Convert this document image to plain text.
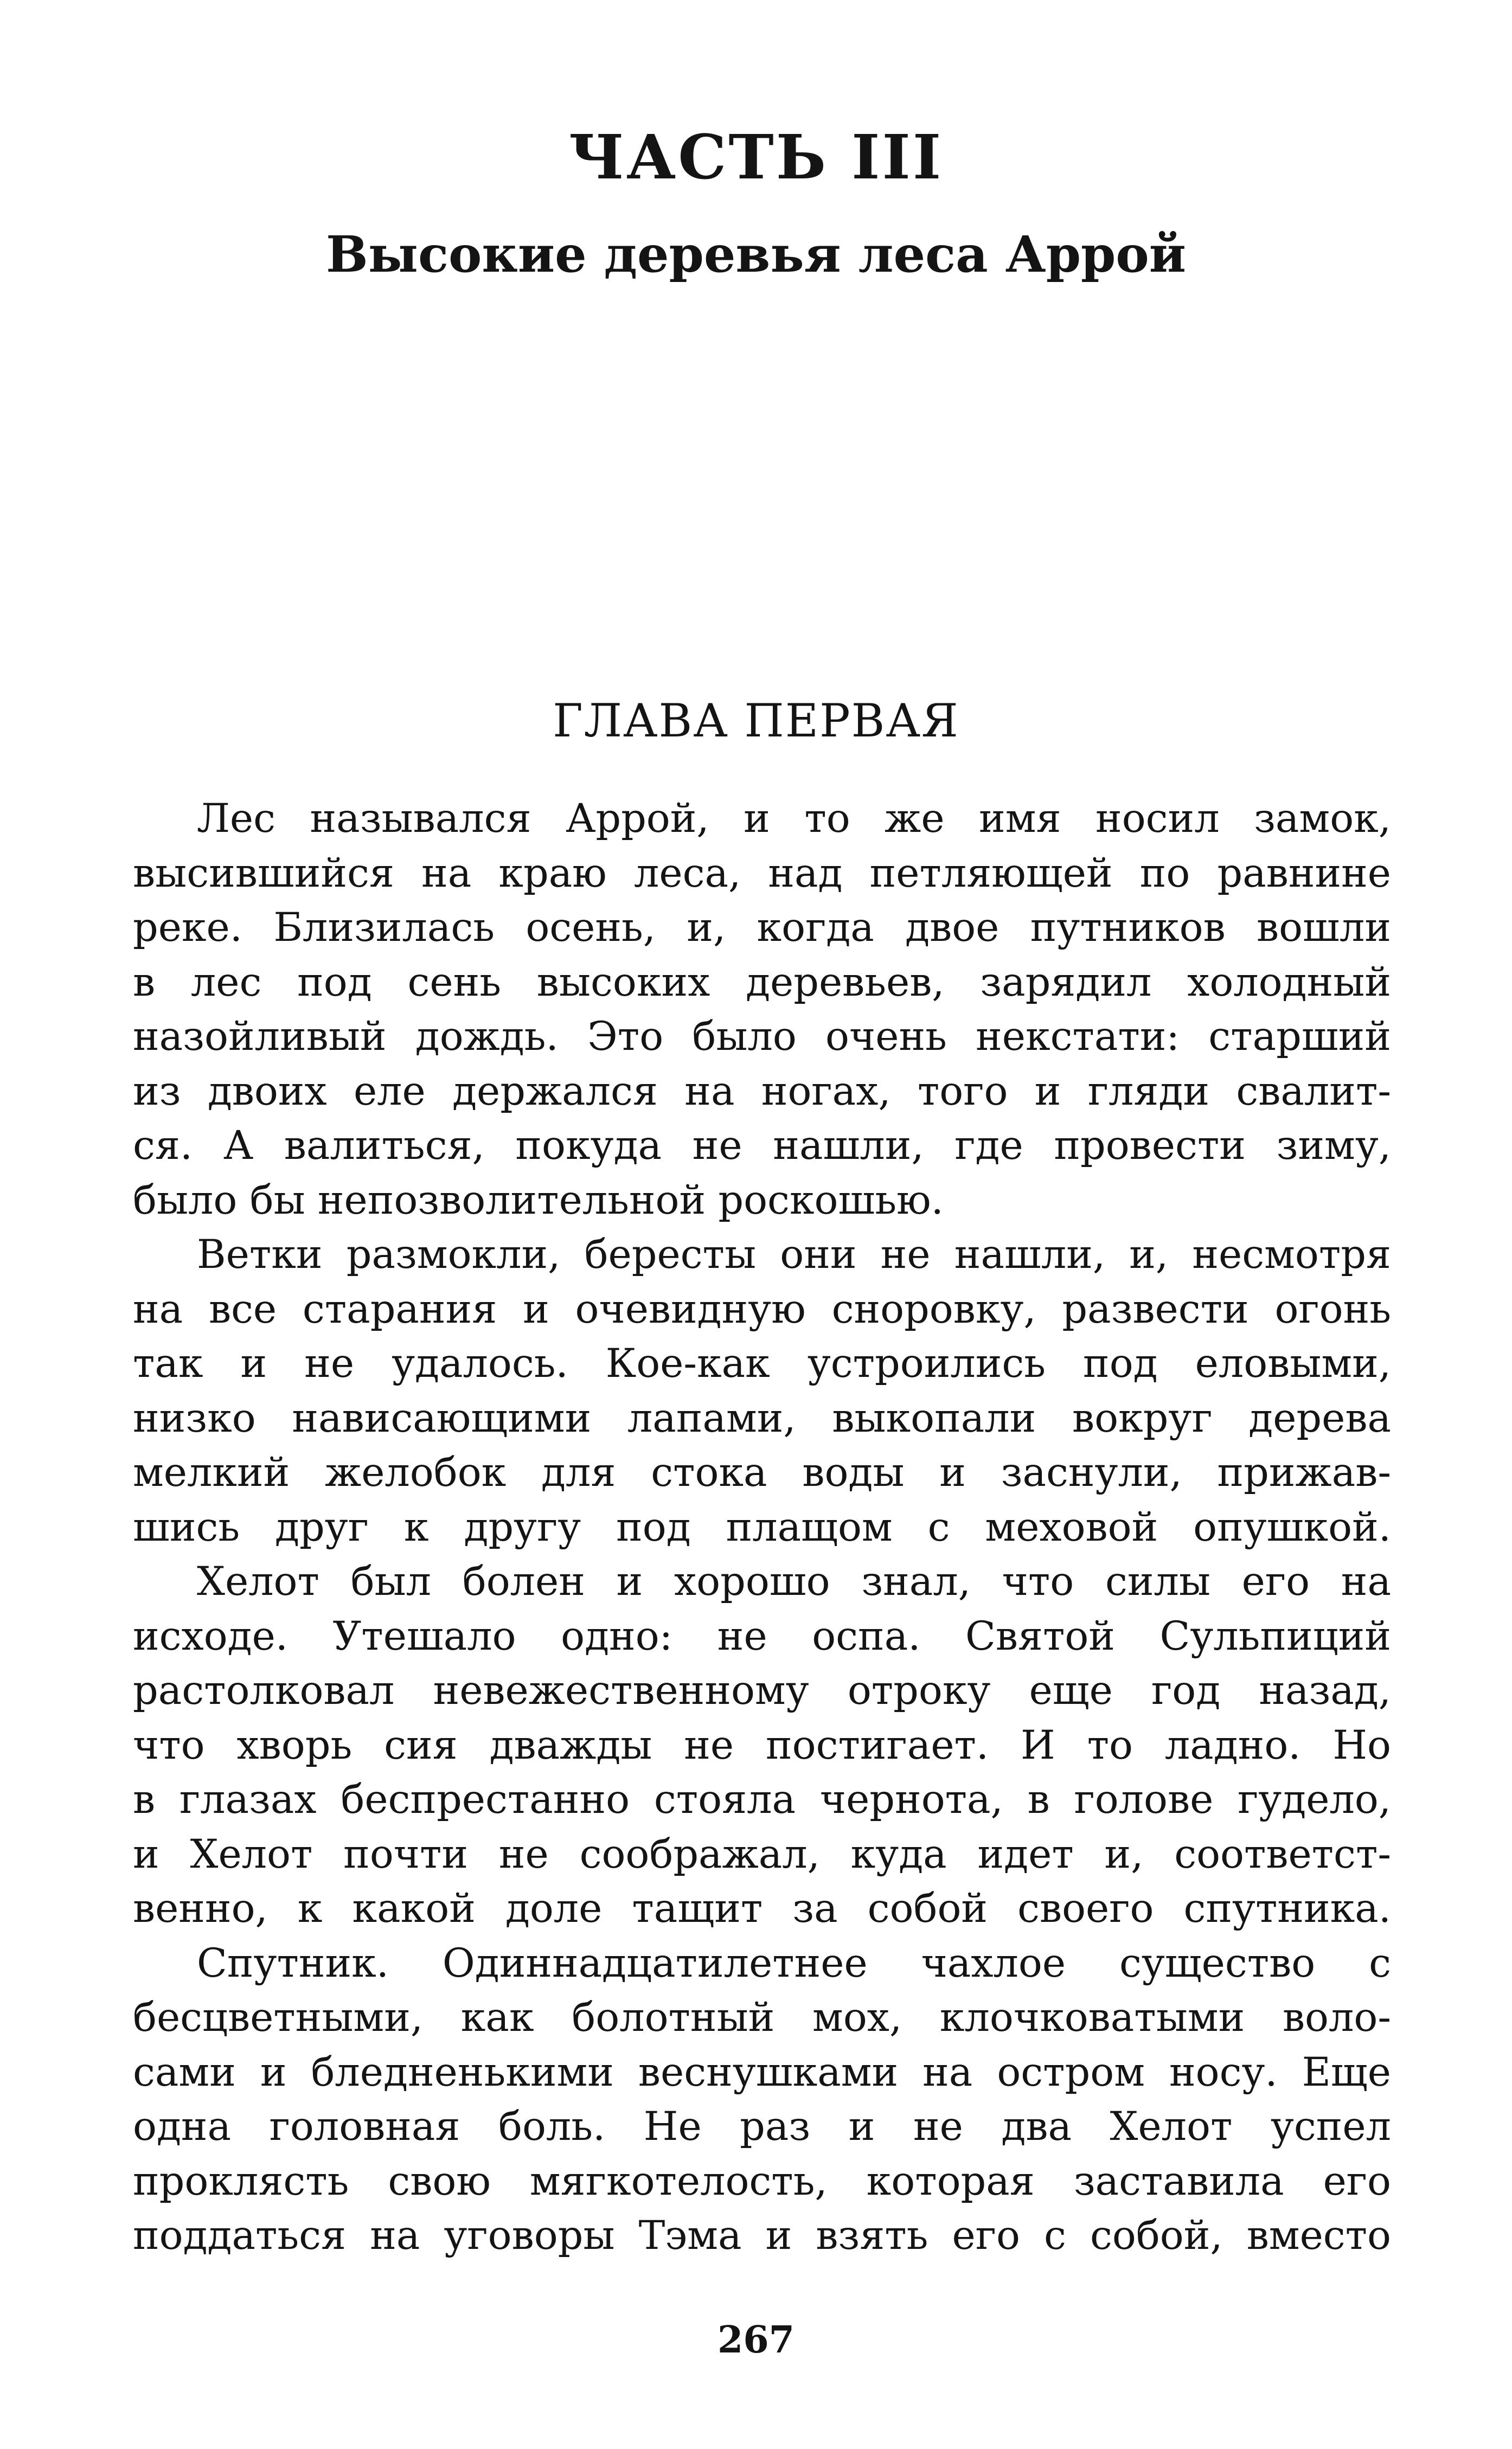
ЧАСТЬ III
Высокие деревья леса Аррой
ГЛАВА ПЕРВАЯ
Лес назывался Аррой, и то же имя носил замок,
высившийся на краю леса, над петляющей по равнине
реке. Близилась осень, и, когда двое путников вошли
в лес под сень высоких деревьев, зарядил холодный
назойливый дождь. Это было очень некстати: старший
из двоих еле держался на ногах, того и гляди свалит-
ся. А валиться, покуда не нашли, где провести зиму,
было бы непозволительной роскошью.
Ветки размокли, бересты они не нашли, и, несмотря
на все старания и очевидную сноровку, развести огонь
так и не удалось. Кое-как устроились под еловыми,
низко нависающими лапами, выкопали вокруг дерева
мелкий желобок для стока воды и заснули, прижав-
шись друг к другу под плащом с меховой опушкой.
Хелот был болен и хорошо знал, что силы его на
исходе. Утешало одно: не оспа. Святой Сульпиций
растолковал невежественному отроку еще год назад,
что хворь сия дважды не постигает. И то ладно. Но
в глазах беспрестанно стояла чернота, в голове гудело,
и Хелот почти не соображал, куда идет и, соответст-
венно, к какой доле тащит за собой своего спутника.
Спутник. Одиннадцатилетнее чахлое существо с
бесцветными, как болотный мох, клочковатыми воло-
сами и бледненькими веснушками на остром носу. Еще
одна головная боль. Не раз и не два Хелот успел
проклясть свою мягкотелость, которая заставила его
поддаться на уговоры Тэма и взять его с собой, вместо
267
